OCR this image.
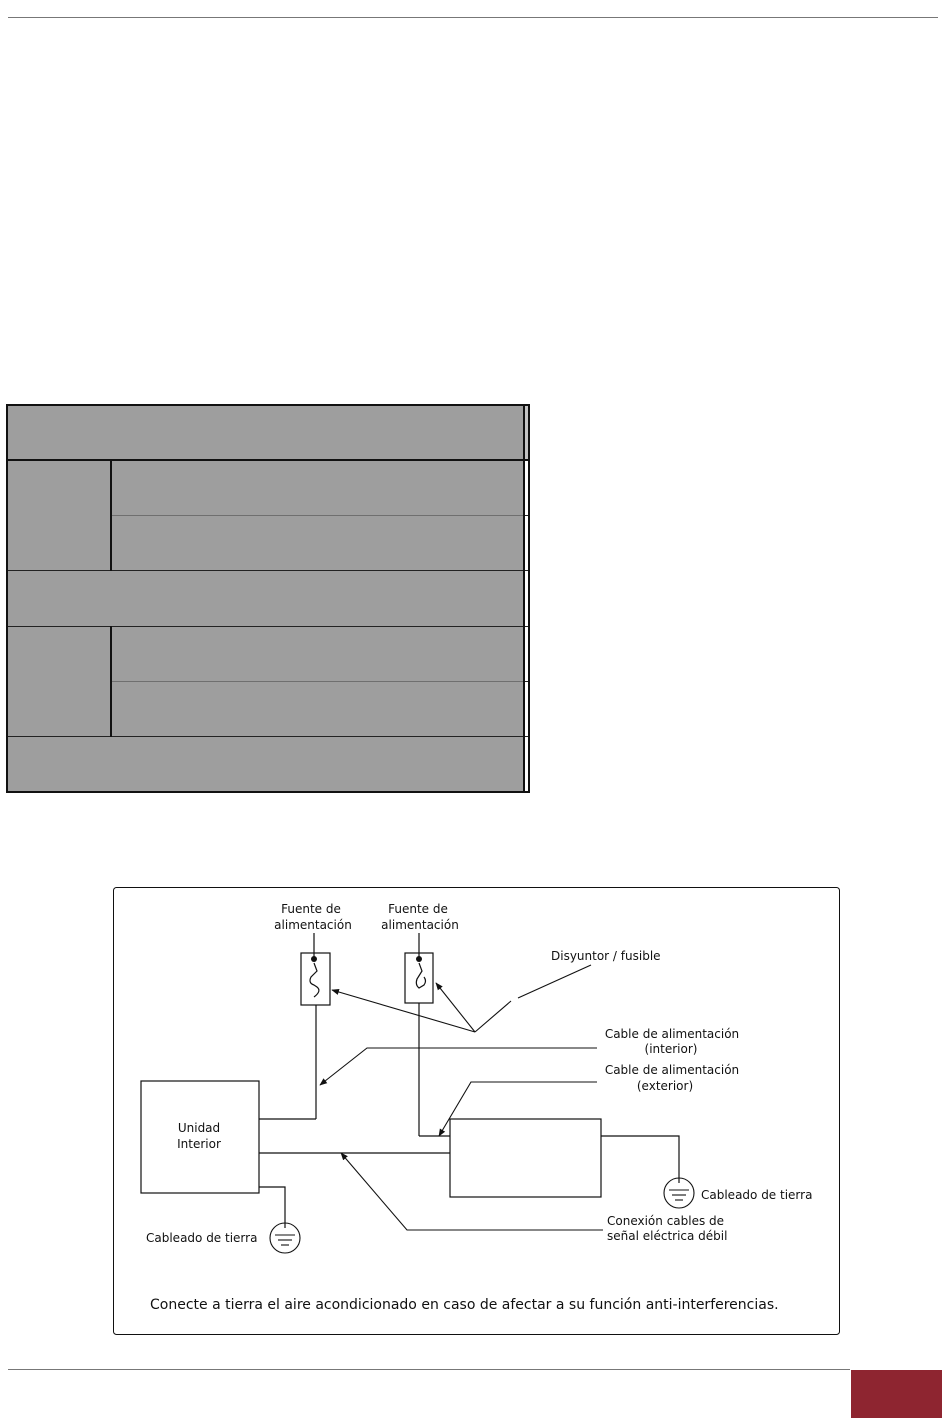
Fuente de
alimentación
Fuente de
alimentación
Disyuntor / fusible
Cable de alimentación
(interior)
Cable de alimentación
(exterior)
Unidad
Interior
Conexión cables de
señal eléctrica débil
Cableado de tierra
Cableado de tierra
Conecte a tierra el aire acondicionado en caso de afectar a su función anti-interferencias.
